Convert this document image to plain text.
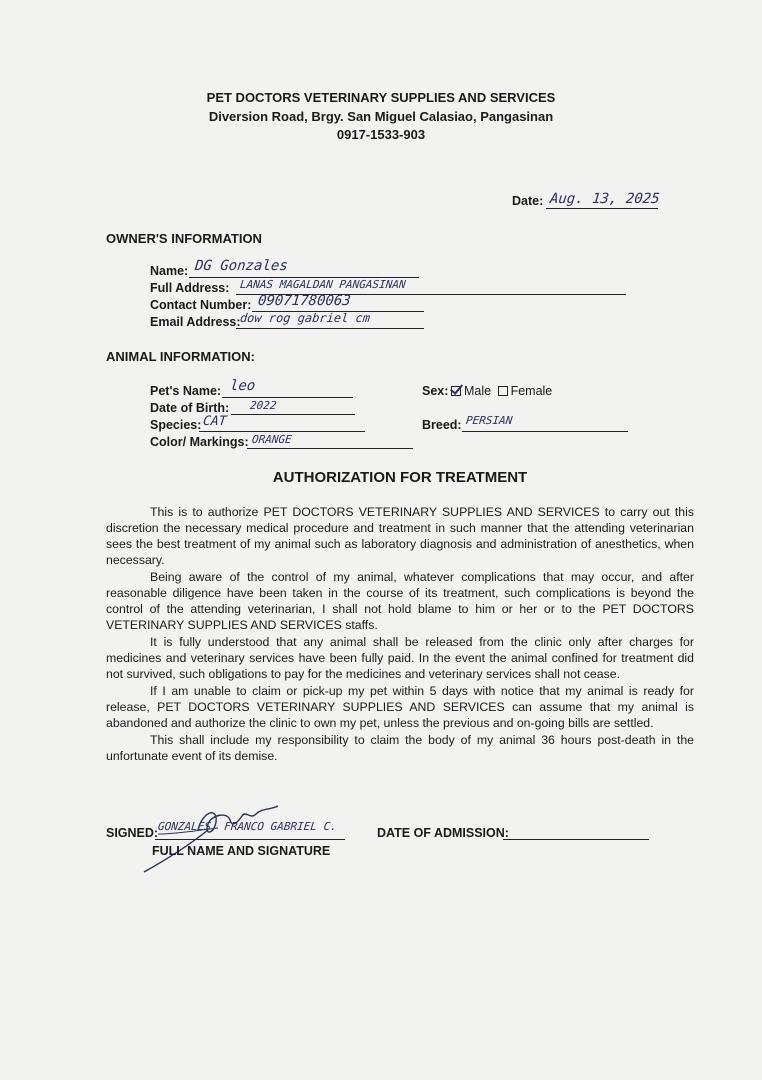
PET DOCTORS VETERINARY SUPPLIES AND SERVICES
Diversion Road, Brgy. San Miguel Calasiao, Pangasinan
0917-1533-903
Date: Aug. 13, 2025
OWNER'S INFORMATION
Name: DG Gonzales
Full Address: LANAS MAGALDAN PANGASINAN
Contact Number: 09071780063
Email Address:
dow rog gabriel cm
ANIMAL INFORMATION:
Pet's Name: leo
Date of Birth: 2022
Species: CAT
Color/ Markings: ORANGE
Sex:	Male Female
Breed: PERSIAN
AUTHORIZATION FOR TREATMENT

This is to authorize PET DOCTORS VETERINARY SUPPLIES AND SERVICES to carry out this discretion the necessary medical procedure and treatment in such manner that the attending veterinarian sees the best treatment of my animal such as laboratory diagnosis and administration of anesthetics, when necessary.

Being aware of the control of my animal, whatever complications that may occur, and after reasonable diligence have been taken in the course of its treatment, such complications is beyond the control of the attending veterinarian, I shall not hold blame to him or her or to the PET DOCTORS VETERINARY SUPPLIES AND SERVICES staffs.

It is fully understood that any animal shall be released from the clinic only after charges for medicines and veterinary services have been fully paid. In the event the animal confined for treatment did not survived, such obligations to pay for the medicines and veterinary services shall not cease.

If I am unable to claim or pick-up my pet within 5 days with notice that my animal is ready for release, PET DOCTORS VETERINARY SUPPLIES AND SERVICES can assume that my animal is abandoned and authorize the clinic to own my pet, unless the previous and on-going bills are settled.

This shall include my responsibility to claim the body of my animal 36 hours post-death in the unfortunate event of its demise.

SIGNED: GONZALES, FRANCO GABRIEL C.
FULL NAME AND SIGNATURE
DATE OF ADMISSION:
